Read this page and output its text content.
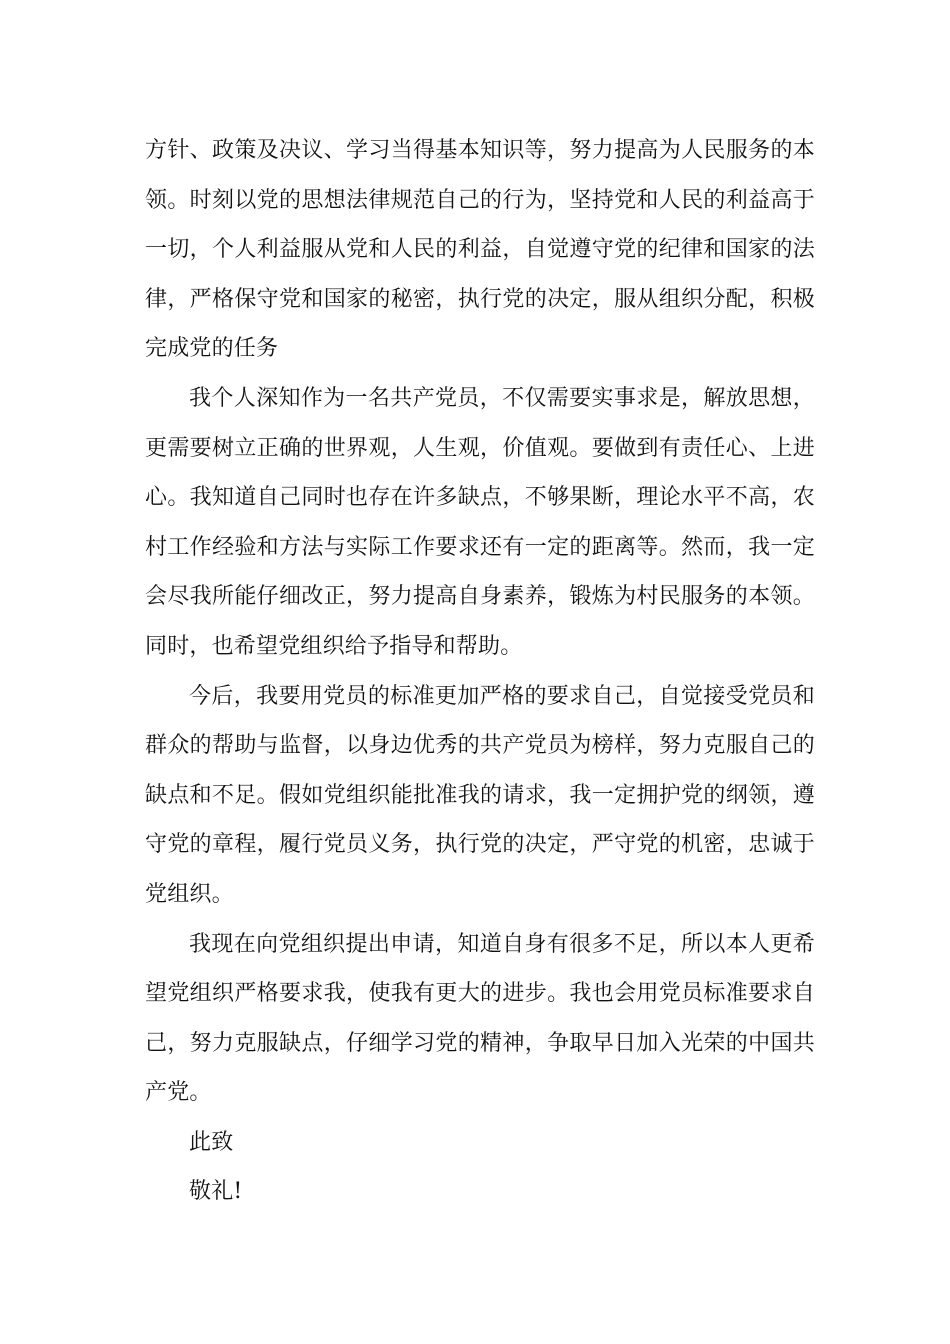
方针、政策及决议、学习当得基本知识等，努力提高为人民服务的本领。时刻以党的思想法律规范自己的行为，坚持党和人民的利益高于一切，个人利益服从党和人民的利益，自觉遵守党的纪律和国家的法律，严格保守党和国家的秘密，执行党的决定，服从组织分配，积极完成党的任务

我个人深知作为一名共产党员，不仅需要实事求是，解放思想，更需要树立正确的世界观，人生观，价值观。要做到有责任心、上进心。我知道自己同时也存在许多缺点，不够果断，理论水平不高，农村工作经验和方法与实际工作要求还有一定的距离等。然而，我一定会尽我所能仔细改正，努力提高自身素养，锻炼为村民服务的本领。同时，也希望党组织给予指导和帮助。

今后，我要用党员的标准更加严格的要求自己，自觉接受党员和群众的帮助与监督，以身边优秀的共产党员为榜样，努力克服自己的缺点和不足。假如党组织能批准我的请求，我一定拥护党的纲领，遵守党的章程，履行党员义务，执行党的决定，严守党的机密，忠诚于党组织。

我现在向党组织提出申请，知道自身有很多不足，所以本人更希望党组织严格要求我，使我有更大的进步。我也会用党员标准要求自己，努力克服缺点，仔细学习党的精神，争取早日加入光荣的中国共产党。

此致

敬礼!
